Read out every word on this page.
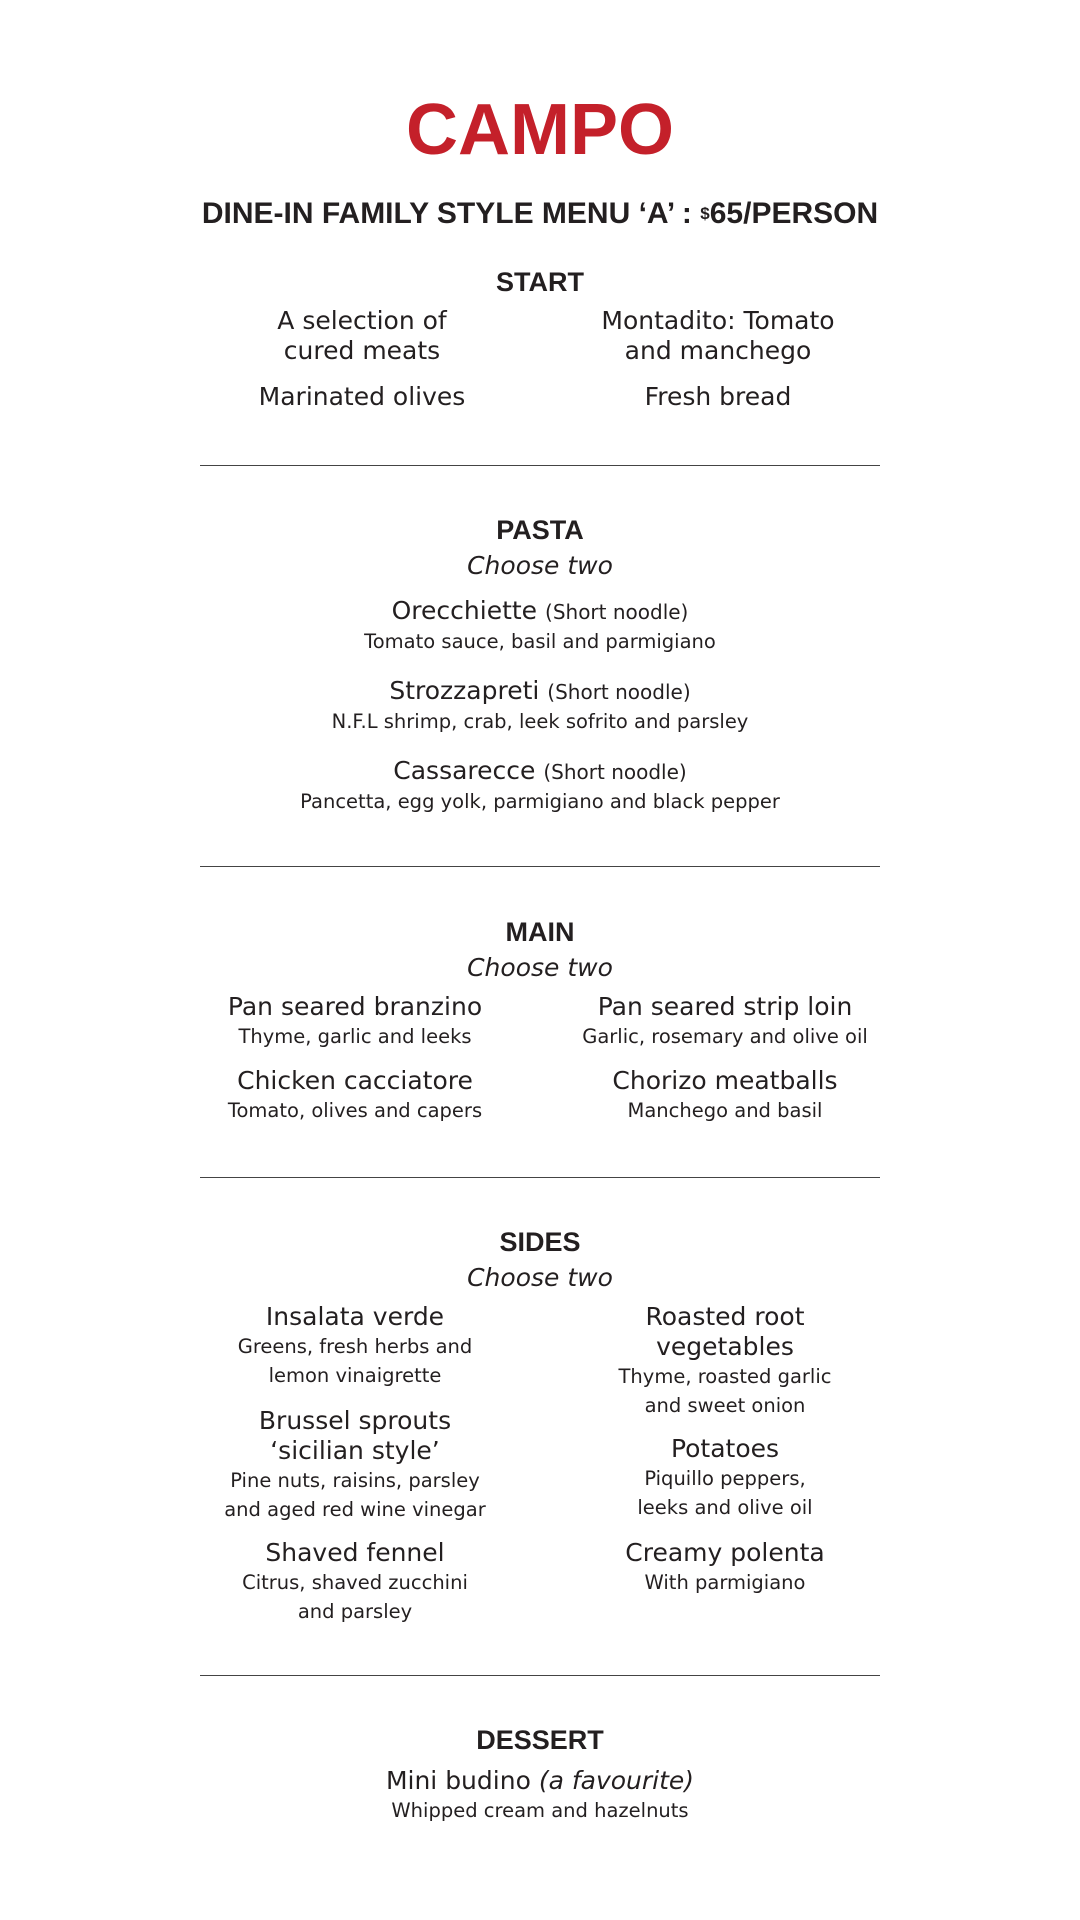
CAMPO
DINE-IN FAMILY STYLE MENU ‘A’ : $65/PERSON
START
A selection of
cured meats
Montadito: Tomato
and manchego
Marinated olives	Fresh bread
PASTA
Choose two
Orecchiette (Short noodle)
Tomato sauce, basil and parmigiano
Strozzapreti (Short noodle)
N.F.L shrimp, crab, leek sofrito and parsley
Cassarecce (Short noodle)
Pancetta, egg yolk, parmigiano and black pepper
MAIN
Choose two
Pan seared branzino
Thyme, garlic and leeks
Pan seared strip loin
Garlic, rosemary and olive oil
Chicken cacciatore
Tomato, olives and capers
Chorizo meatballs
Manchego and basil
SIDES
Choose two
Insalata verde
Greens, fresh herbs and
lemon vinaigrette
Brussel sprouts
‘sicilian style’
Pine nuts, raisins, parsley
and aged red wine vinegar
Shaved fennel
Citrus, shaved zucchini
and parsley
Roasted root
vegetables
Thyme, roasted garlic
and sweet onion
Potatoes
Piquillo peppers,
leeks and olive oil
Creamy polenta
With parmigiano
DESSERT
Mini budino (a favourite)
Whipped cream and hazelnuts
